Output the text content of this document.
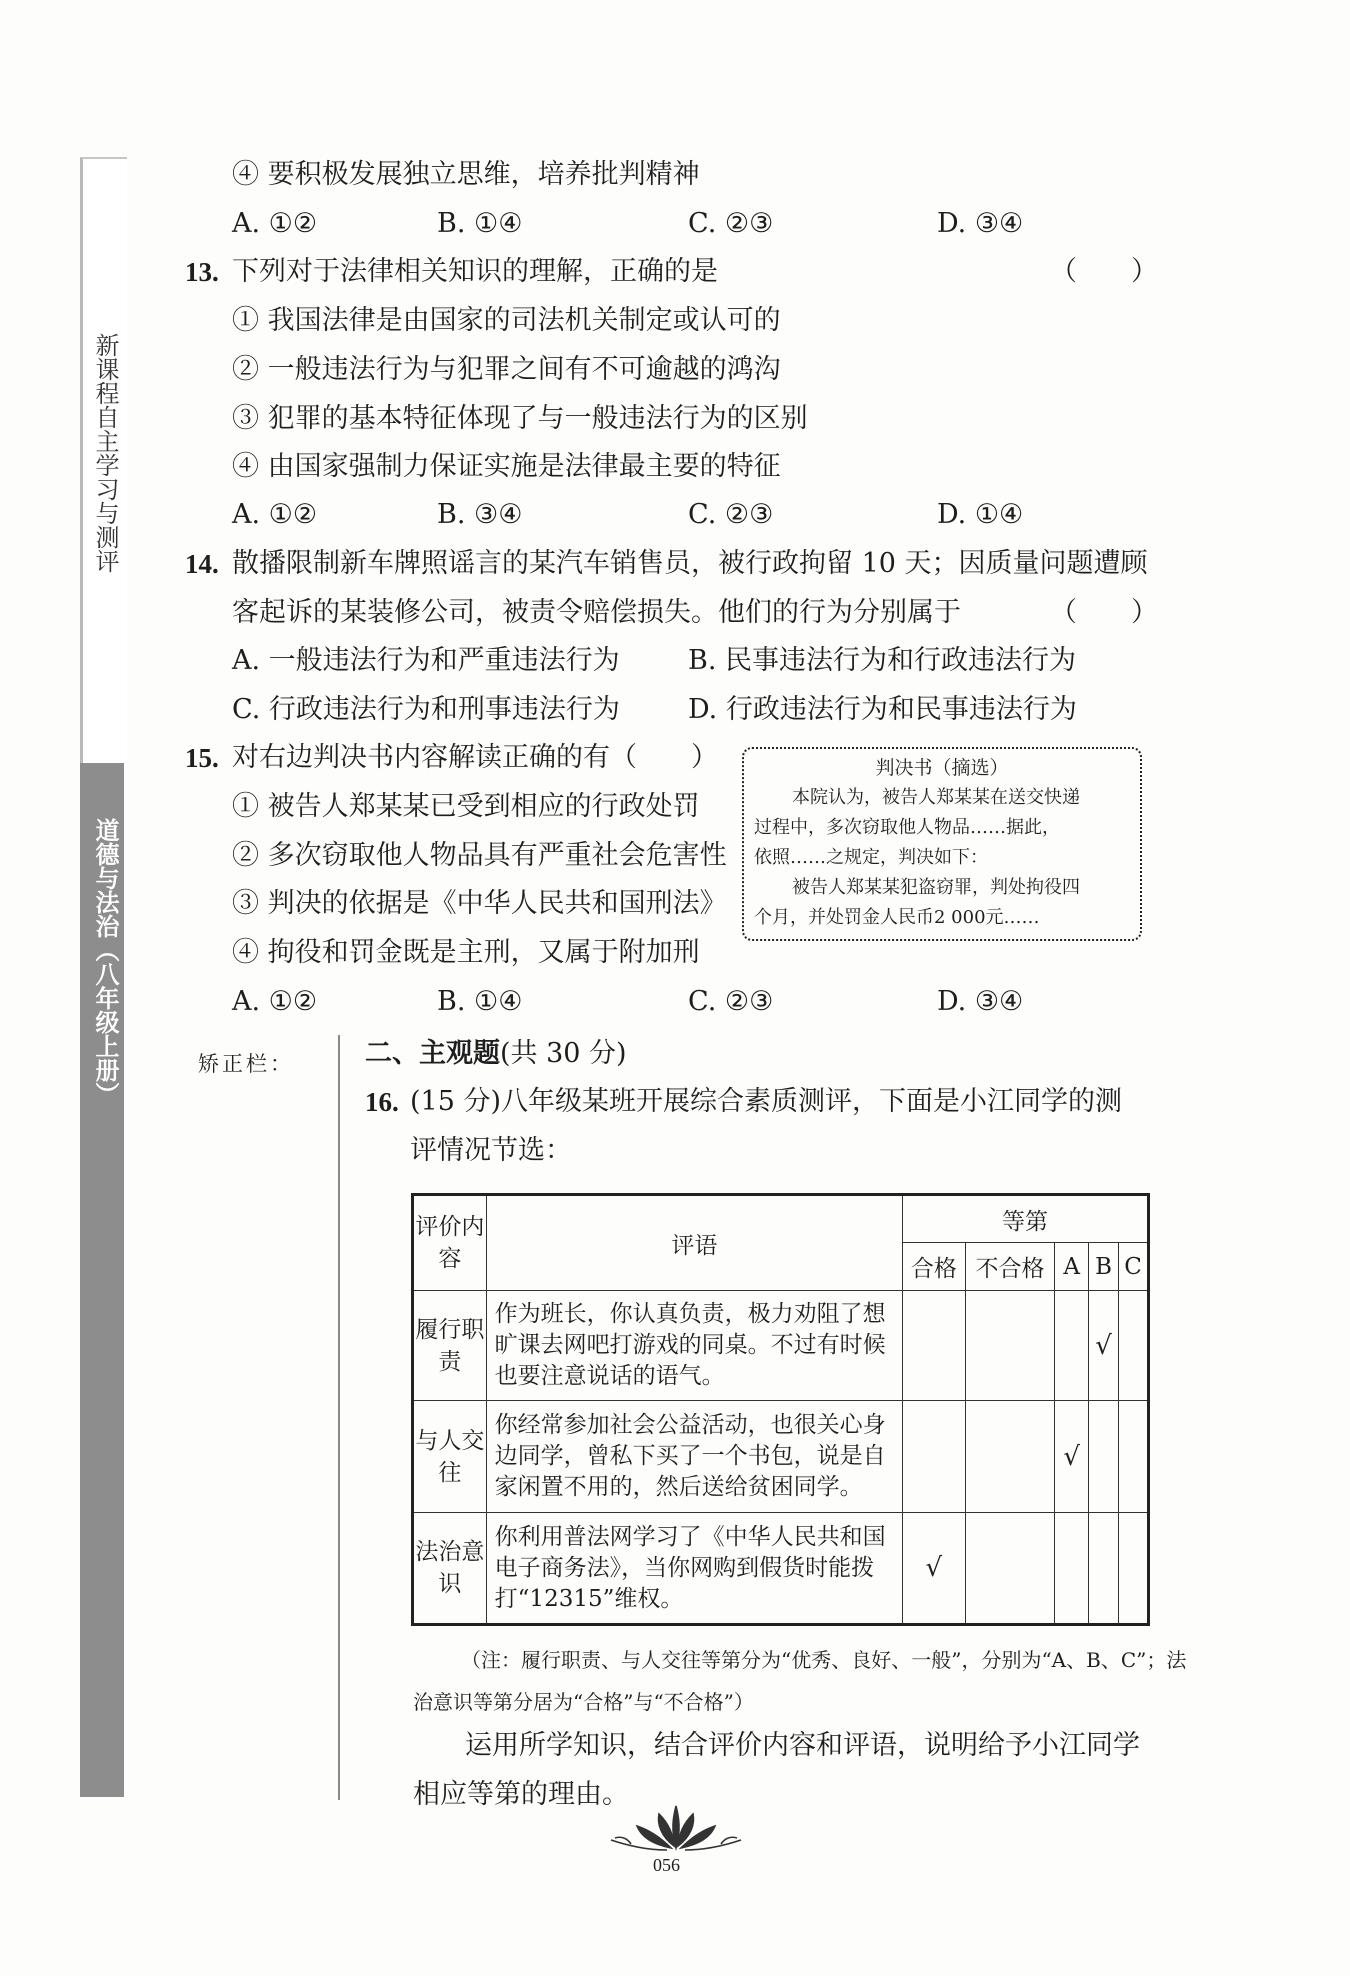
新课程自主学习与测评
道德与法治（八年级上册）
④ 要积极发展独立思维，培养批判精神
A. ①②	B. ①④	C. ②③	D. ③④
13. 下列对于法律相关知识的理解，正确的是	（　　）
① 我国法律是由国家的司法机关制定或认可的
② 一般违法行为与犯罪之间有不可逾越的鸿沟
③ 犯罪的基本特征体现了与一般违法行为的区别
④ 由国家强制力保证实施是法律最主要的特征
A. ①②	B. ③④	C. ②③	D. ①④
14. 散播限制新车牌照谣言的某汽车销售员，被行政拘留 10 天；因质量问题遭顾
客起诉的某装修公司，被责令赔偿损失。他们的行为分别属于	（　　）
A. 一般违法行为和严重违法行为	B. 民事违法行为和行政违法行为
C. 行政违法行为和刑事违法行为	D. 行政违法行为和民事违法行为
15. 对右边判决书内容解读正确的有 （　　）
① 被告人郑某某已受到相应的行政处罚
② 多次窃取他人物品具有严重社会危害性
③ 判决的依据是《中华人民共和国刑法》
④ 拘役和罚金既是主刑，又属于附加刑
A. ①②	B. ①④	C. ②③	D. ③④
判决书（摘选）
本院认为，被告人郑某某在送交快递
过程中，多次窃取他人物品……据此，
依照……之规定，判决如下：
被告人郑某某犯盗窃罪，判处拘役四
个月，并处罚金人民币2 000元……
矫正栏：	二、主观题(共 30 分)
16. (15 分)八年级某班开展综合素质测评，下面是小江同学的测
评情况节选：
评价内容	评语	等第				
		合格	不合格	A	B	C
履行职责	作为班长，你认真负责，极力劝阻了想旷课去网吧打游戏的同桌。不过有时候也要注意说话的语气。				√	
与人交往	你经常参加社会公益活动，也很关心身边同学，曾私下买了一个书包，说是自家闲置不用的，然后送给贫困同学。			√		
法治意识	你利用普法网学习了《中华人民共和国电子商务法》，当你网购到假货时能拨打“12315”维权。	√				
（注：履行职责、与人交往等第分为“优秀、良好、一般”，分别为“A、B、C”；法
治意识等第分居为“合格”与“不合格”）
运用所学知识，结合评价内容和评语，说明给予小江同学
相应等第的理由。
056
